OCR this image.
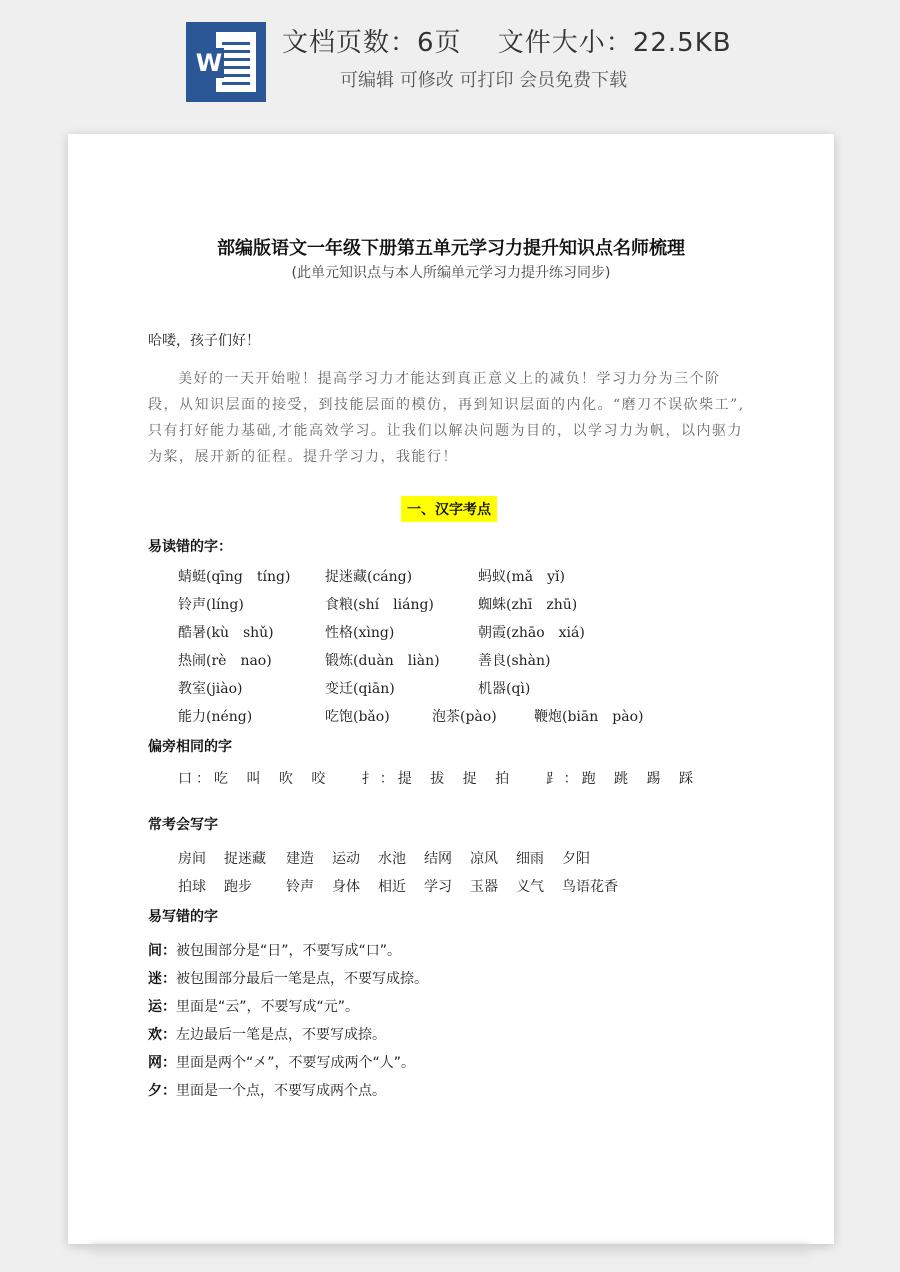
W
文档页数：6页　 文件大小：22.5KB
可编辑 可修改 可打印 会员免费下载
部编版语文一年级下册第五单元学习力提升知识点名师梳理
(此单元知识点与本人所编单元学习力提升练习同步)
哈喽，孩子们好！
美好的一天开始啦！提高学习力才能达到真正意义上的减负！学习力分为三个阶段，从知识层面的接受，到技能层面的模仿，再到知识层面的内化。“磨刀不误砍柴工”,只有打好能力基础,才能高效学习。让我们以解决问题为目的，以学习力为帆，以内驱力为桨，展开新的征程。提升学习力，我能行！
一、汉字考点
易读错的字：
蜻蜓(qīng　tíng) 捉迷藏(cáng)	蚂蚁(mǎ　yǐ)
铃声(líng)	食粮(shí　liáng)	蜘蛛(zhī　zhū)
酷暑(kù　shǔ)	性格(xìng)	朝霞(zhāo　xiá)
热闹(rè　nao)	锻炼(duàn　liàn)	善良(shàn)
教室(jiào)	变迁(qiān)	机器(qì)
能力(néng)	吃饱(bǎo)	泡茶(pào)	鞭炮(biān　pào)
偏旁相同的字
口：吃 叫 吹 咬　 扌：提 拔 捉 拍　 ⻊：跑 跳 踢 踩
常考会写字
房间 捉迷藏 建造 运动 水池 结网 凉风 细雨 夕阳
拍球 跑步 铃声 身体 相近 学习 玉器 义气 鸟语花香
易写错的字
间：被包围部分是“日”，不要写成“口”。
迷：被包围部分最后一笔是点，不要写成捺。
运：里面是“云”，不要写成“元”。
欢：左边最后一笔是点，不要写成捺。
网：里面是两个“㐅”，不要写成两个“人”。
夕：里面是一个点，不要写成两个点。
